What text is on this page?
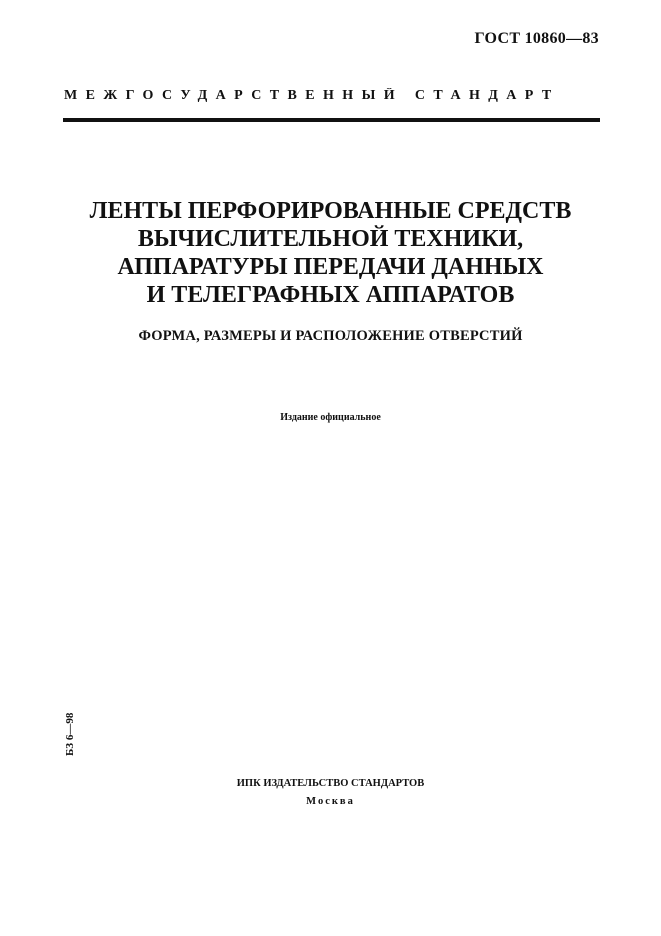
ГОСТ 10860—83
МЕЖГОСУДАРСТВЕННЫЙ СТАНДАРТ
ЛЕНТЫ ПЕРФОРИРОВАННЫЕ СРЕДСТВ
ВЫЧИСЛИТЕЛЬНОЙ ТЕХНИКИ,
АППАРАТУРЫ ПЕРЕДАЧИ ДАННЫХ
И ТЕЛЕГРАФНЫХ АППАРАТОВ
ФОРМА, РАЗМЕРЫ И РАСПОЛОЖЕНИЕ ОТВЕРСТИЙ
Издание официальное
БЗ 6—98
ИПК ИЗДАТЕЛЬСТВО СТАНДАРТОВ
Москва
